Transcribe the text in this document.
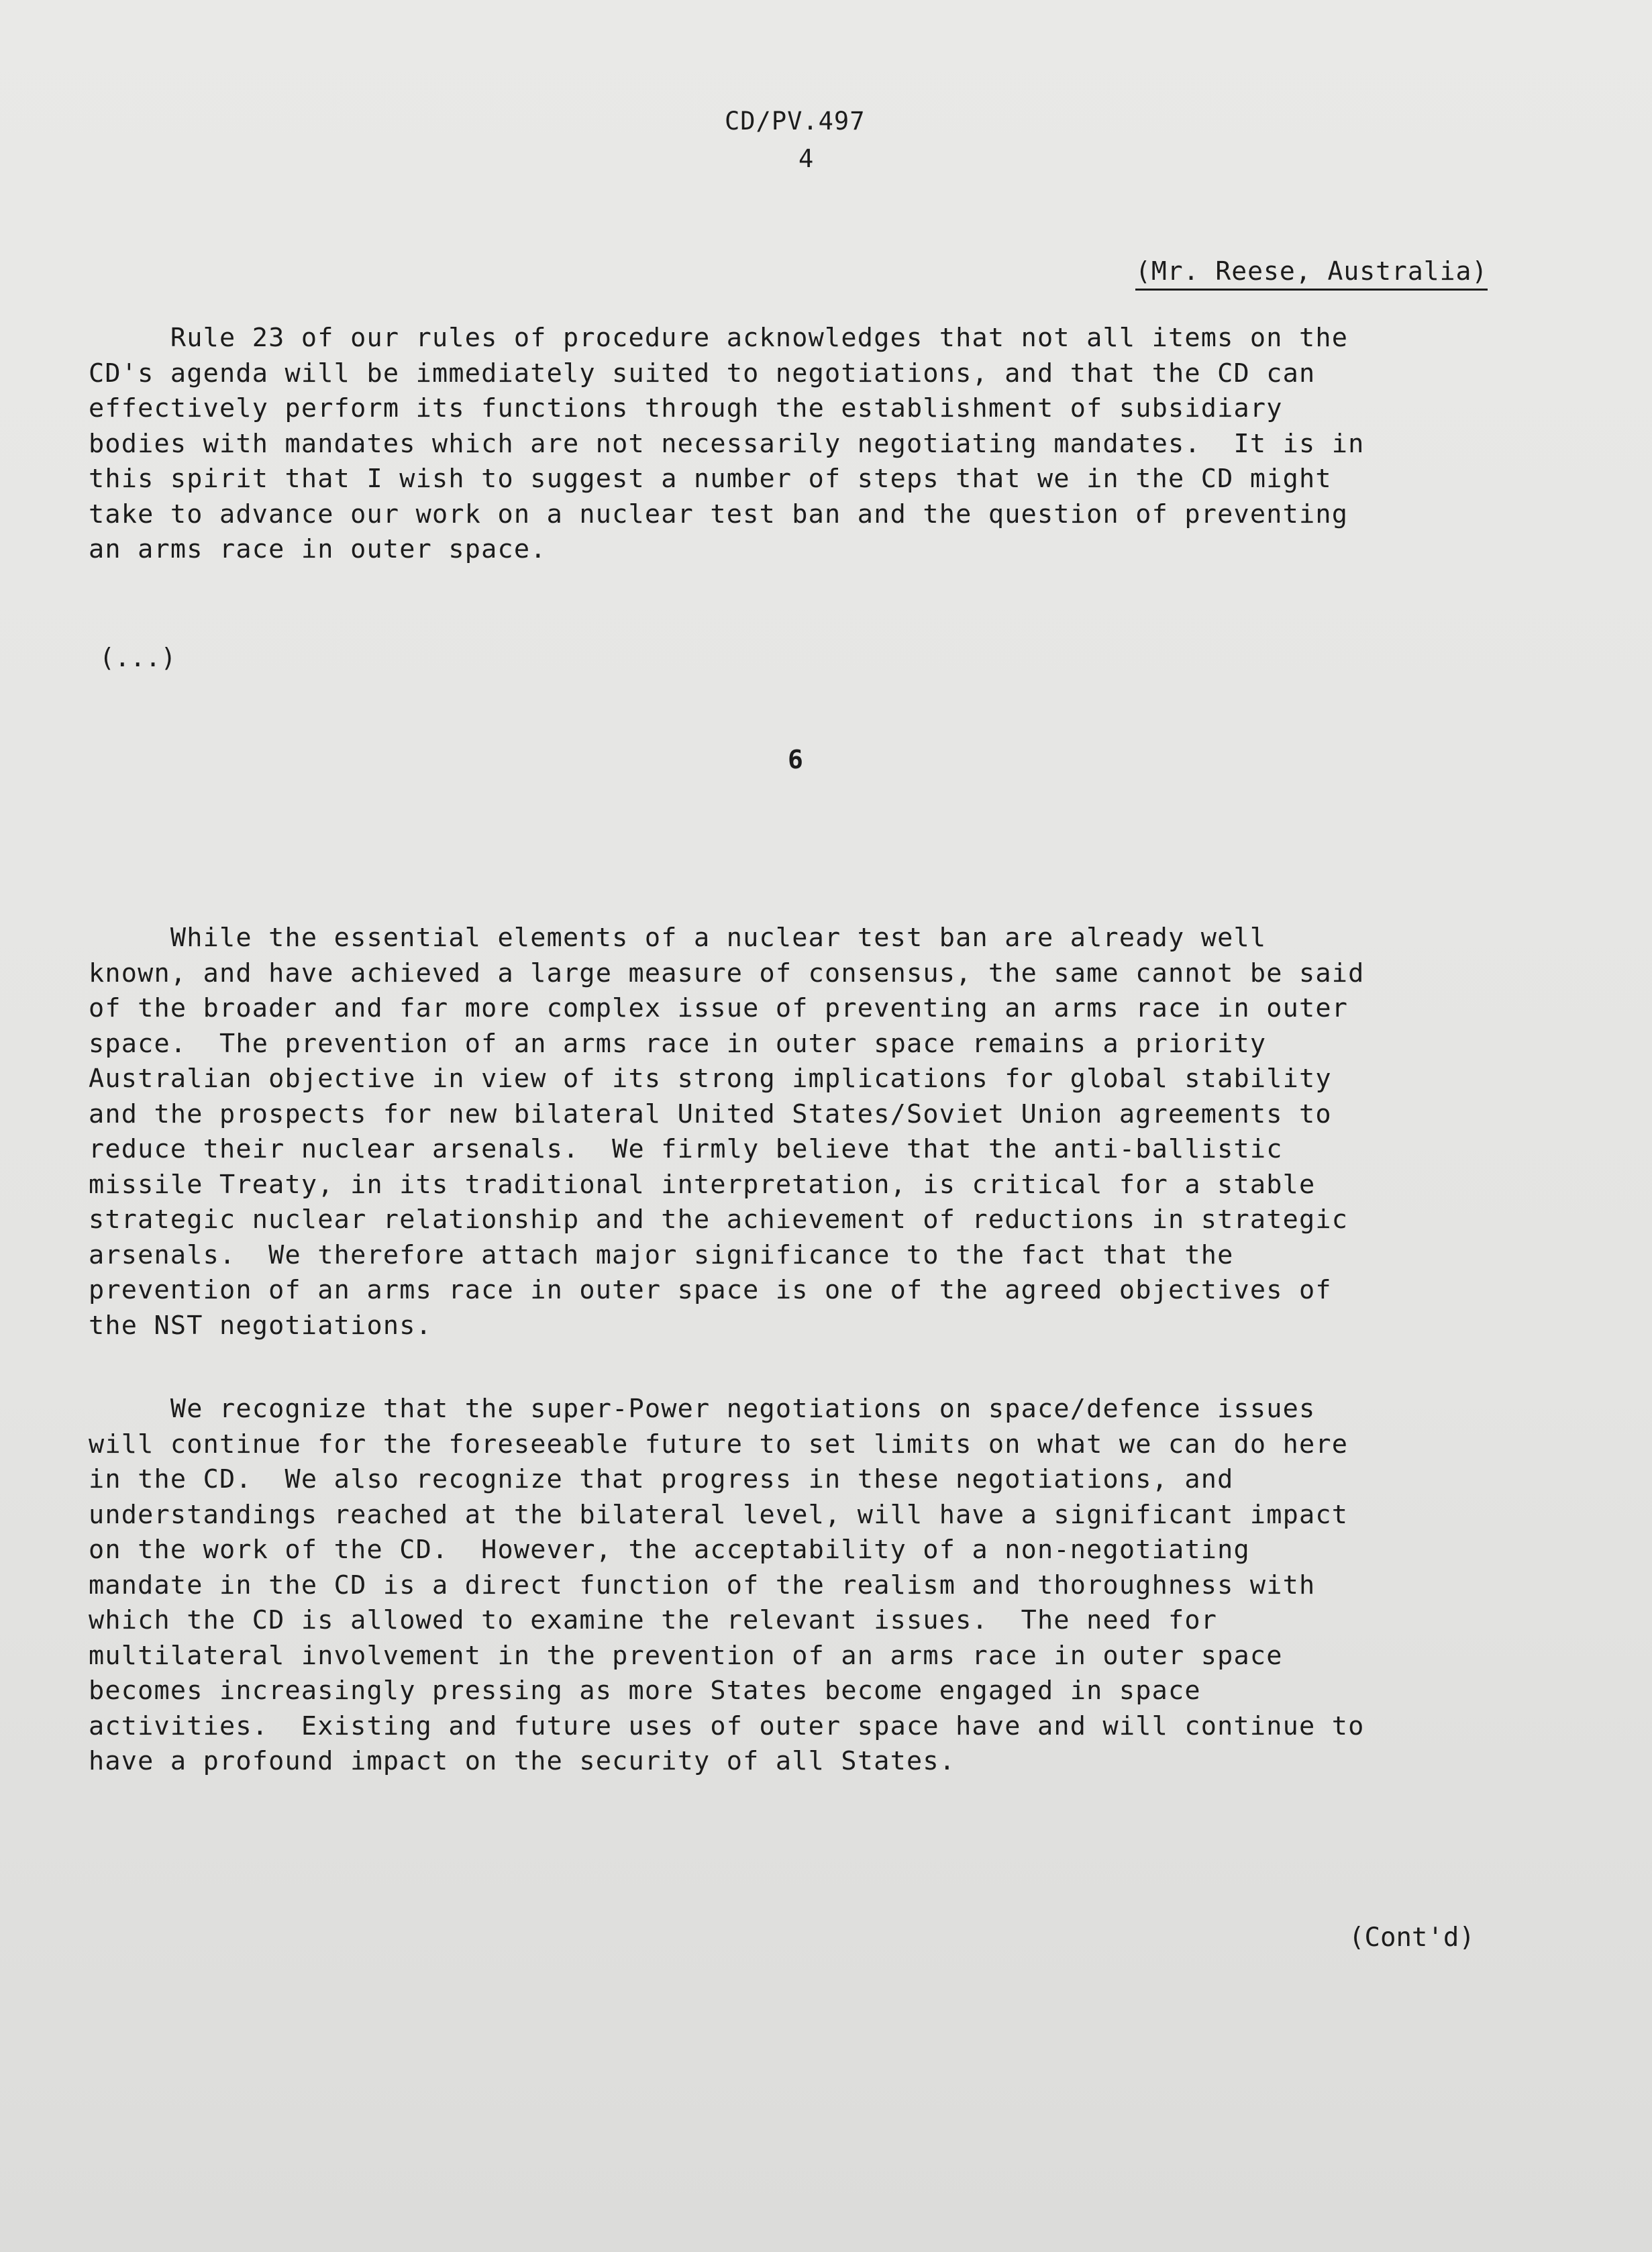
CD/PV.497
4
(Mr. Reese, Australia)
Rule 23 of our rules of procedure acknowledges that not all items on the
CD's agenda will be immediately suited to negotiations, and that the CD can
effectively perform its functions through the establishment of subsidiary
bodies with mandates which are not necessarily negotiating mandates.  It is in
this spirit that I wish to suggest a number of steps that we in the CD might
take to advance our work on a nuclear test ban and the question of preventing
an arms race in outer space.
(...)
6
While the essential elements of a nuclear test ban are already well
known, and have achieved a large measure of consensus, the same cannot be said
of the broader and far more complex issue of preventing an arms race in outer
space.  The prevention of an arms race in outer space remains a priority
Australian objective in view of its strong implications for global stability
and the prospects for new bilateral United States/Soviet Union agreements to
reduce their nuclear arsenals.  We firmly believe that the anti-ballistic
missile Treaty, in its traditional interpretation, is critical for a stable
strategic nuclear relationship and the achievement of reductions in strategic
arsenals.  We therefore attach major significance to the fact that the
prevention of an arms race in outer space is one of the agreed objectives of
the NST negotiations.
We recognize that the super-Power negotiations on space/defence issues
will continue for the foreseeable future to set limits on what we can do here
in the CD.  We also recognize that progress in these negotiations, and
understandings reached at the bilateral level, will have a significant impact
on the work of the CD.  However, the acceptability of a non-negotiating
mandate in the CD is a direct function of the realism and thoroughness with
which the CD is allowed to examine the relevant issues.  The need for
multilateral involvement in the prevention of an arms race in outer space
becomes increasingly pressing as more States become engaged in space
activities.  Existing and future uses of outer space have and will continue to
have a profound impact on the security of all States.
(Cont'd)
